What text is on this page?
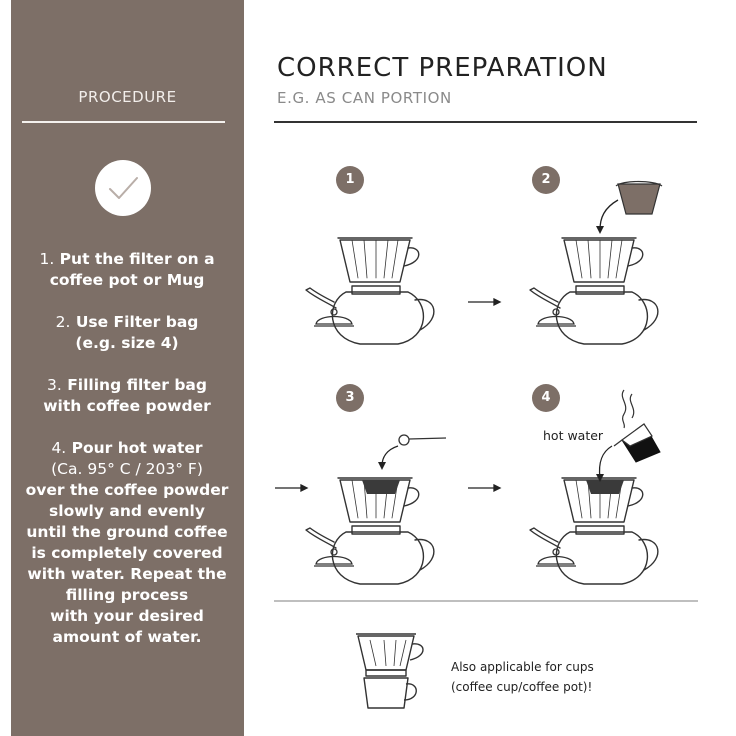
PROCEDURE
1. Put the filter on a
coffee pot or Mug
2. Use Filter bag
(e.g. size 4)
3. Filling filter bag
with coffee powder
4. Pour hot water
(Ca. 95° C / 203° F)
over the coffee powder
slowly and evenly
until the ground coffee
is completely covered
with water. Repeat the
filling process
with your desired
amount of water.
CORRECT PREPARATION
E.G. AS CAN PORTION
1	2
3	4
hot water
Also applicable for cups
(coffee cup/coffee pot)!
